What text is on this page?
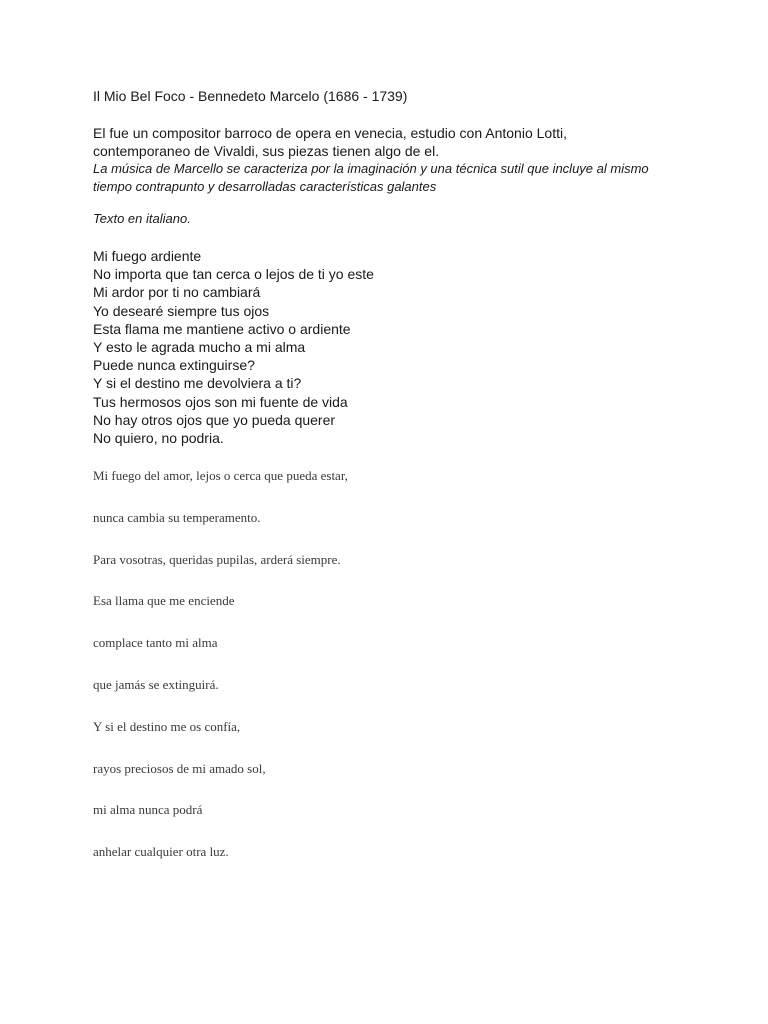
Il Mio Bel Foco - Bennedeto Marcelo (1686 - 1739)
El fue un compositor barroco de opera en venecia, estudio con Antonio Lotti,
contemporaneo de Vivaldi, sus piezas tienen algo de el.
La música de Marcello se caracteriza por la imaginación y una técnica sutil que incluye al mismo
tiempo contrapunto y desarrolladas características galantes
Texto en italiano.
Mi fuego ardiente
No importa que tan cerca o lejos de ti yo este
Mi ardor por ti no cambiará
Yo desearé siempre tus ojos
Esta flama me mantiene activo o ardiente
Y esto le agrada mucho a mi alma
Puede nunca extinguirse?
Y si el destino me devolviera a ti?
Tus hermosos ojos son mi fuente de vida
No hay otros ojos que yo pueda querer
No quiero, no podria.
Mi fuego del amor, lejos o cerca que pueda estar,
nunca cambia su temperamento.
Para vosotras, queridas pupilas, arderá siempre.
Esa llama que me enciende
complace tanto mi alma
que jamás se extinguirá.
Y si el destino me os confía,
rayos preciosos de mi amado sol,
mi alma nunca podrá
anhelar cualquier otra luz.
